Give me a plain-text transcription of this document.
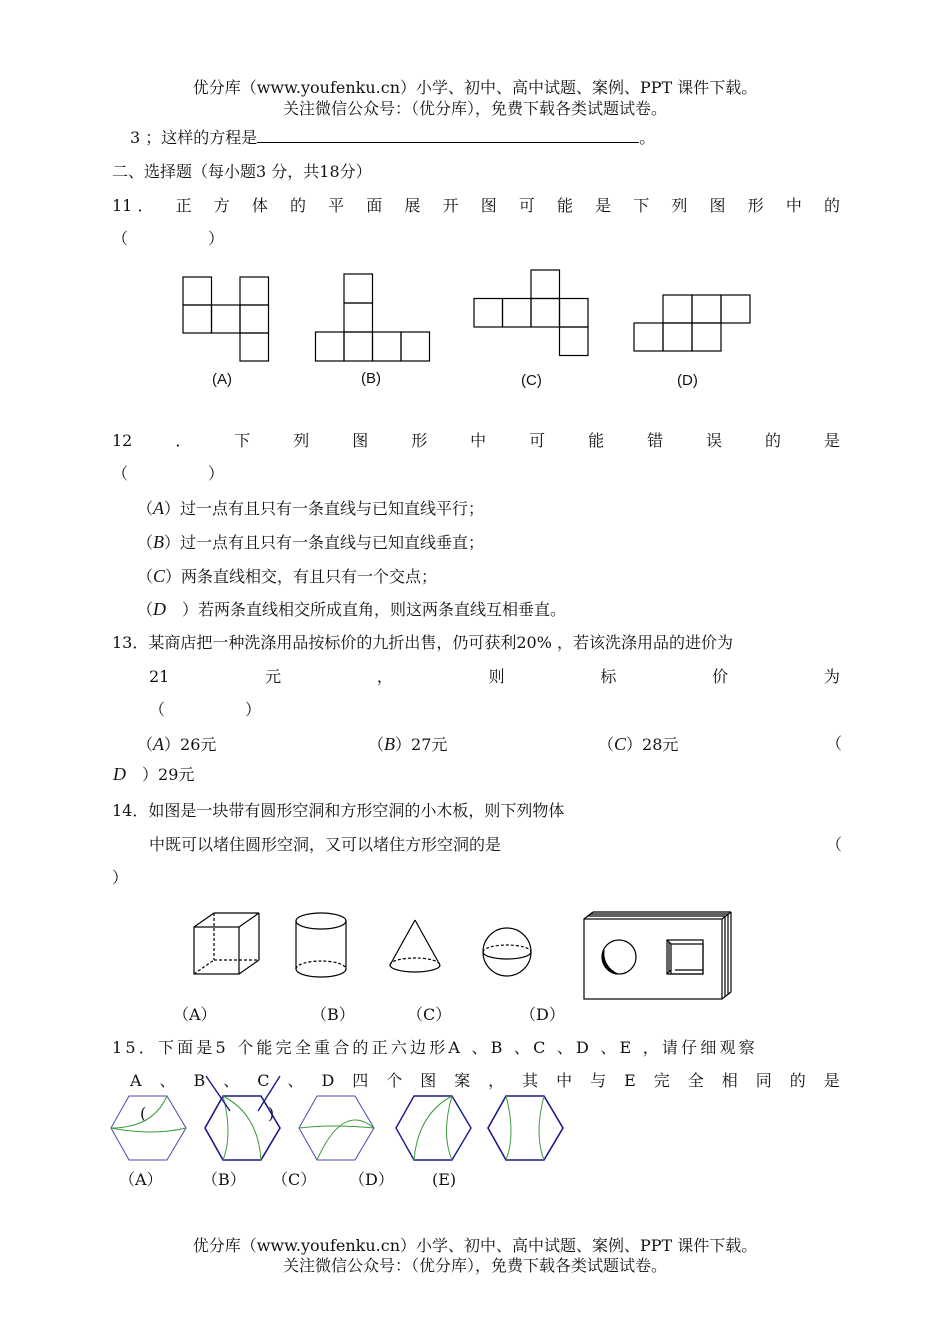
优分库（www.youfenku.cn）小学、初中、高中试题、案例、PPT 课件下载。
关注微信公众号：（优分库），免费下载各类试题试卷。
3 ；这样的方程是	。
二、选择题（每小题3 分，共18分）
11 ． 正 方 体 的 平 面 展 开 图 可 能 是 下 列 图 形 中 的
（　　　　　）
(A)	(B)	(C)	(D)
12	．	下	列	图	形	中	可	能	错	误	的	是
（　　　　　）
（A）过一点有且只有一条直线与已知直线平行；
（B）过一点有且只有一条直线与已知直线垂直；
（C）两条直线相交，有且只有一个交点；
（D　）若两条直线相交所成直角，则这两条直线互相垂直。
13．某商店把一种洗涤用品按标价的九折出售，仍可获利20% ，若该洗涤用品的进价为
21	元	，	则	标	价	为
（　　　　　）
（A）26元	（B）27元	（C）28元	（
D　 ）29元
14．如图是一块带有圆形空洞和方形空洞的小木板，则下列物体
中既可以堵住圆形空洞，又可以堵住方形空洞的是	（
）
（A）	（B）	（C）	（D）
15．下面是5 个能完全重合的正六边形A 、B 、C 、D 、E ，请仔细观察
A 、 B 、 C 、 D 四 个 图 案 ， 其 中 与 E 完 全 相 同 的 是
(	)
（A） （B） （C） （D） (E)
优分库（www.youfenku.cn）小学、初中、高中试题、案例、PPT 课件下载。
关注微信公众号：（优分库），免费下载各类试题试卷。
